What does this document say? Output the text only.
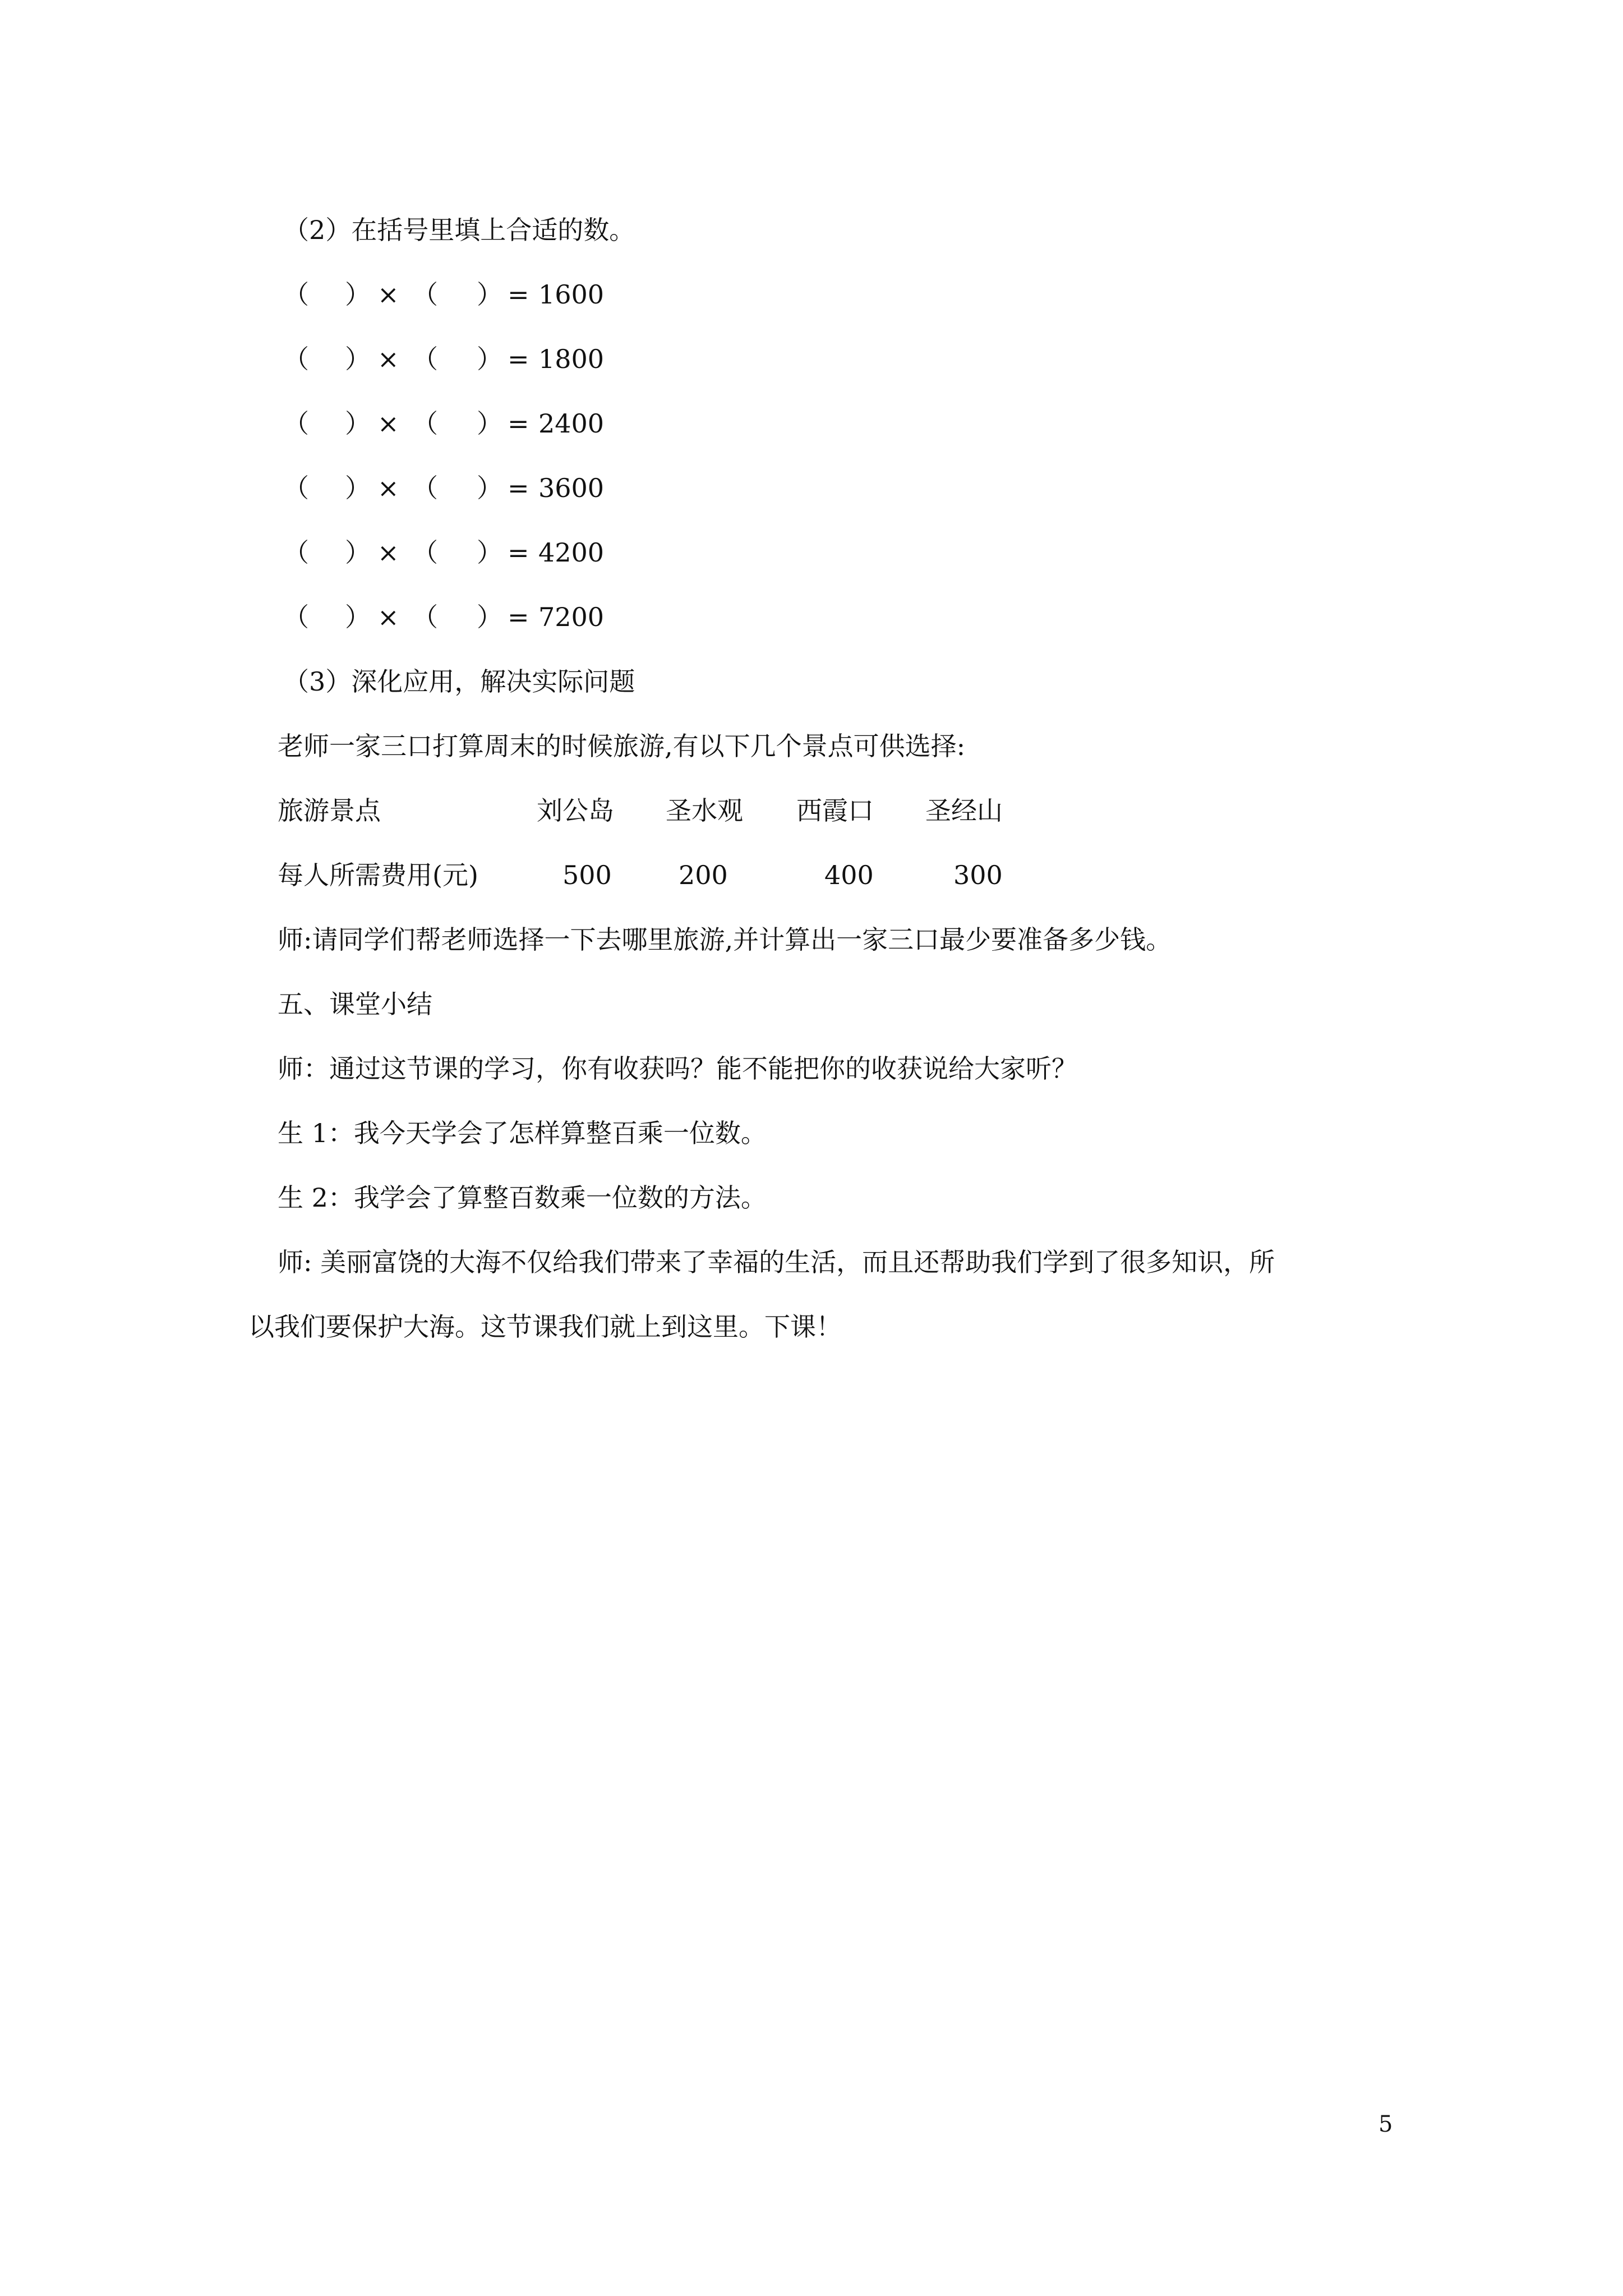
（2）在括号里填上合适的数。
（ ） × （ ） = 1600
（ ） × （ ） = 1800
（ ） × （ ） = 2400
（ ） × （ ） = 3600
（ ） × （ ） = 4200
（ ） × （ ） = 7200
（3）深化应用，解决实际问题
老师一家三口打算周末的时候旅游,有以下几个景点可供选择:
旅游景点	刘公岛 圣水观 西霞口 圣经山
每人所需费用(元)	500	200	400	300
师:请同学们帮老师选择一下去哪里旅游,并计算出一家三口最少要准备多少钱。
五、课堂小结
师：通过这节课的学习，你有收获吗？能不能把你的收获说给大家听？
生 1：我今天学会了怎样算整百乘一位数。
生 2：我学会了算整百数乘一位数的方法。
师: 美丽富饶的大海不仅给我们带来了幸福的生活，而且还帮助我们学到了很多知识，所
以我们要保护大海。这节课我们就上到这里。下课！
5
